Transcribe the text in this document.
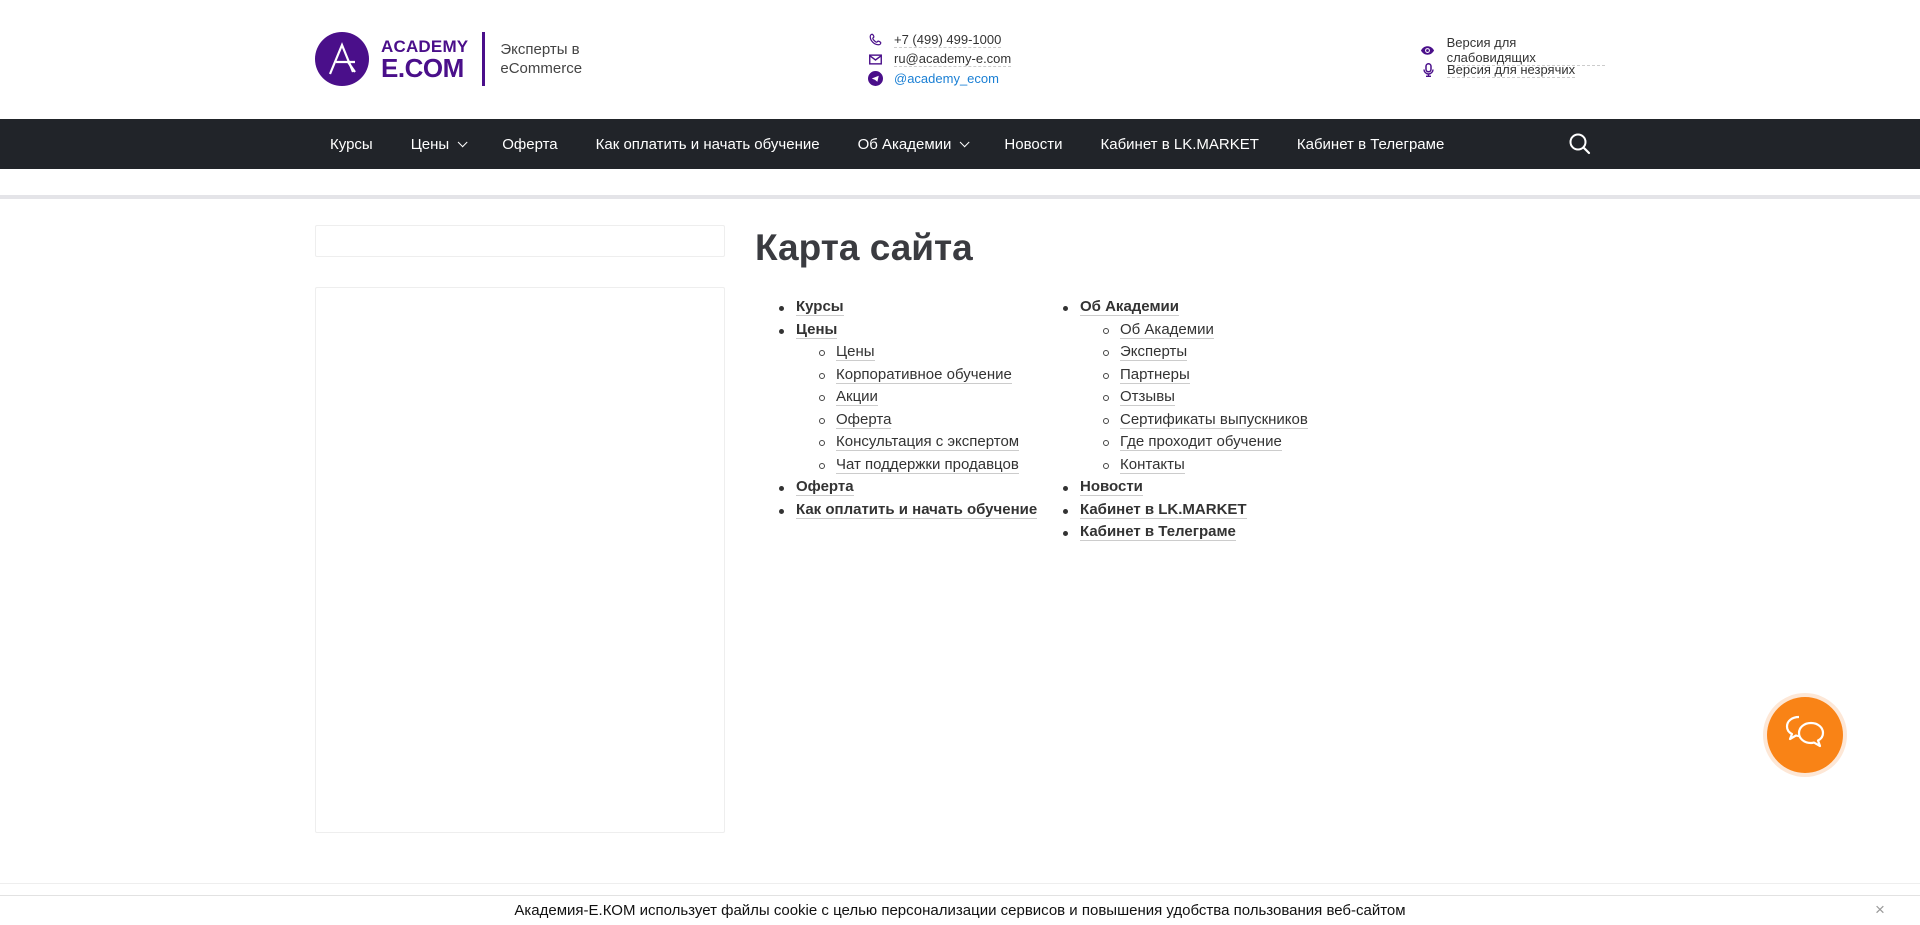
ACADEMY
E.COM
Эксперты в eCommerce
+7 (499) 499-1000
ru@academy-e.com
@academy_ecom
Версия для слабовидящих
Версия для незрячих
Курсы	Цены	Оферта	Как оплатить и начать обучение	Об Академии	Новости	Кабинет в LK.MARKET	Кабинет в Телеграме
Карта сайта
Курсы
Цены
Цены
Корпоративное обучение
Акции
Оферта
Консультация с экспертом
Чат поддержки продавцов
Оферта
Как оплатить и начать обучение
Об Академии
Об Академии
Эксперты
Партнеры
Отзывы
Сертификаты выпускников
Где проходит обучение
Контакты
Новости
Кабинет в LK.MARKET
Кабинет в Телеграме
Академия-Е.КОМ использует файлы cookie с целью персонализации сервисов и повышения удобства пользования веб-сайтом	×
